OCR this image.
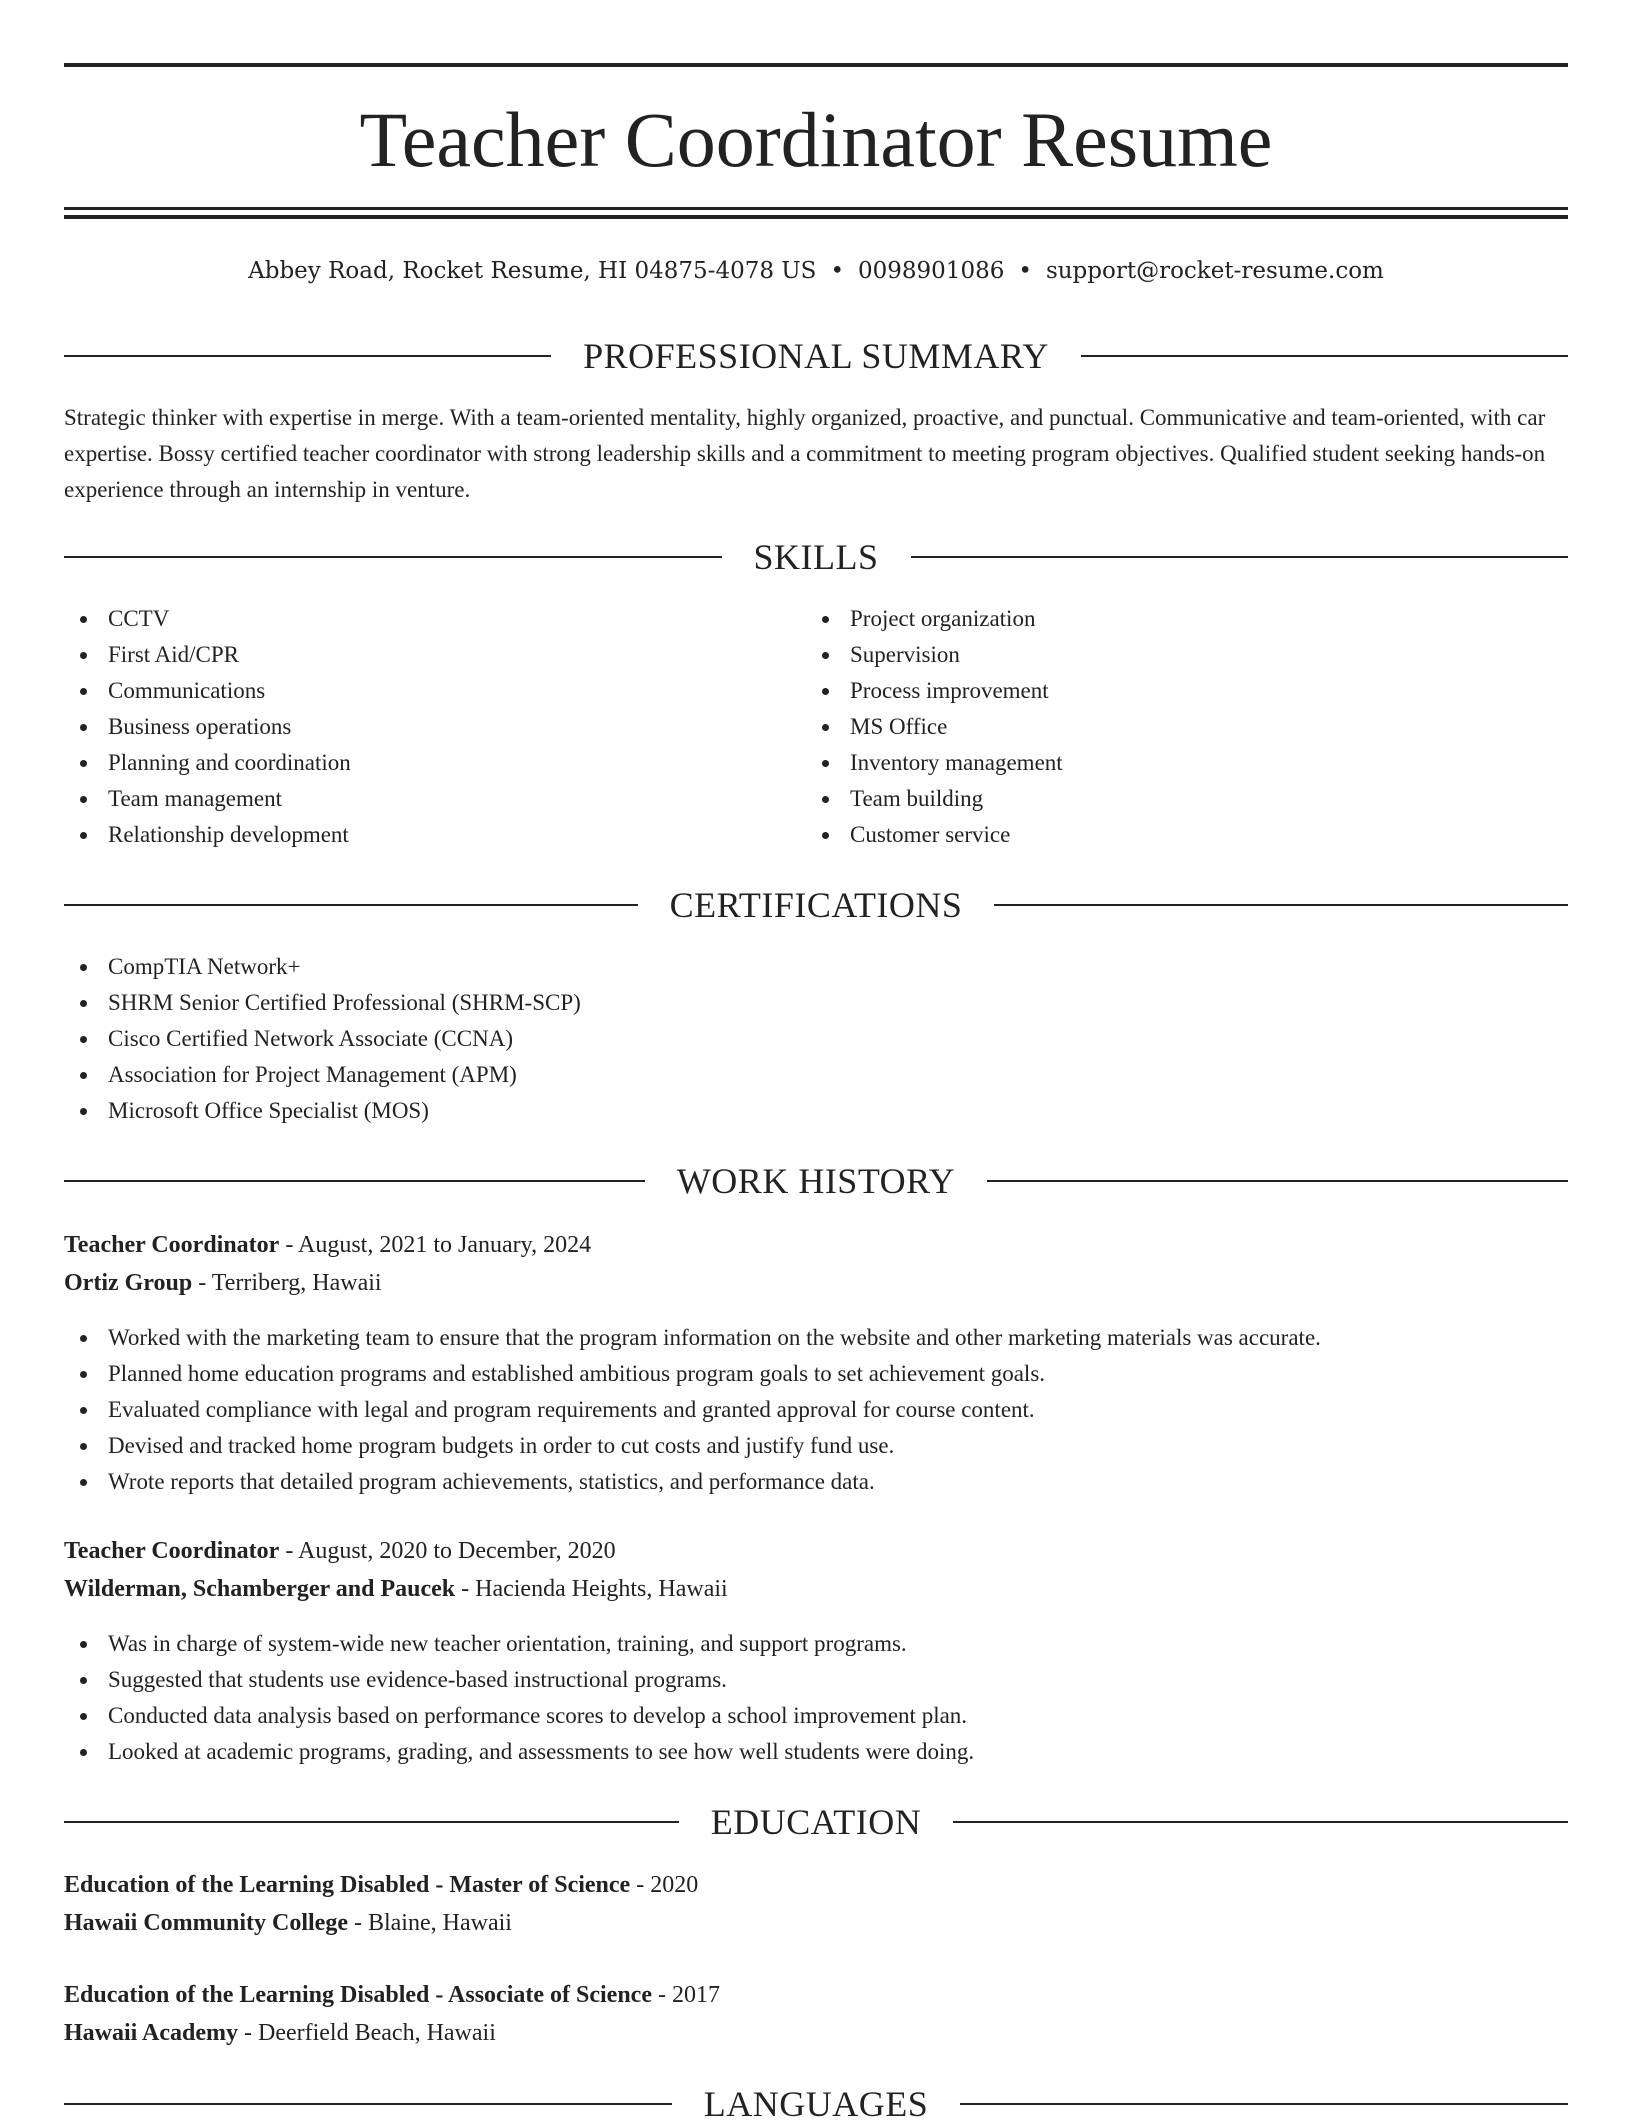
Teacher Coordinator Resume
Abbey Road, Rocket Resume, HI 04875-4078 US • 0098901086 • support@rocket-resume.com
PROFESSIONAL SUMMARY

Strategic thinker with expertise in merge. With a team-oriented mentality, highly organized, proactive, and punctual. Communicative and team-oriented, with car expertise. Bossy certified teacher coordinator with strong leadership skills and a commitment to meeting program objectives. Qualified student seeking hands-on experience through an internship in venture.

SKILLS
CCTV
First Aid/CPR
Communications
Business operations
Planning and coordination
Team management
Relationship development
Project organization
Supervision
Process improvement
MS Office
Inventory management
Team building
Customer service
CERTIFICATIONS
CompTIA Network+
SHRM Senior Certified Professional (SHRM-SCP)
Cisco Certified Network Associate (CCNA)
Association for Project Management (APM)
Microsoft Office Specialist (MOS)
WORK HISTORY
Teacher Coordinator - August, 2021 to January, 2024
Ortiz Group - Terriberg, Hawaii
Worked with the marketing team to ensure that the program information on the website and other marketing materials was accurate.
Planned home education programs and established ambitious program goals to set achievement goals.
Evaluated compliance with legal and program requirements and granted approval for course content.
Devised and tracked home program budgets in order to cut costs and justify fund use.
Wrote reports that detailed program achievements, statistics, and performance data.
Teacher Coordinator - August, 2020 to December, 2020
Wilderman, Schamberger and Paucek - Hacienda Heights, Hawaii
Was in charge of system-wide new teacher orientation, training, and support programs.
Suggested that students use evidence-based instructional programs.
Conducted data analysis based on performance scores to develop a school improvement plan.
Looked at academic programs, grading, and assessments to see how well students were doing.
EDUCATION
Education of the Learning Disabled - Master of Science - 2020
Hawaii Community College - Blaine, Hawaii
Education of the Learning Disabled - Associate of Science - 2017
Hawaii Academy - Deerfield Beach, Hawaii
LANGUAGES
